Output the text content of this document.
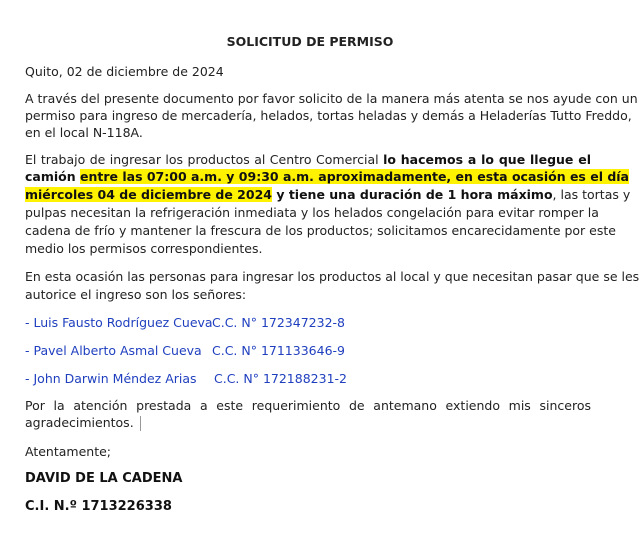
SOLICITUD DE PERMISO
Quito, 02 de diciembre de 2024
A través del presente documento por favor solicito de la manera más atenta se nos ayude con un
permiso para ingreso de mercadería, helados, tortas heladas y demás a Heladerías Tutto Freddo,
en el local N-118A.
El trabajo de ingresar los productos al Centro Comercial lo hacemos a lo que llegue el
camión entre las 07:00 a.m. y 09:30 a.m. aproximadamente, en esta ocasión es el día
miércoles 04 de diciembre de 2024 y tiene una duración de 1 hora máximo, las tortas y
pulpas necesitan la refrigeración inmediata y los helados congelación para evitar romper la
cadena de frío y mantener la frescura de los productos; solicitamos encarecidamente por este
medio los permisos correspondientes.
En esta ocasión las personas para ingresar los productos al local y que necesitan pasar que se les
autorice el ingreso son los señores:
- Luis Fausto Rodríguez Cueva C.C. N° 172347232-8
- Pavel Alberto Asmal Cueva C.C. N° 171133646-9
- John Darwin Méndez Arias C.C. N° 172188231-2
Por la atención prestada a este requerimiento de antemano extiendo mis sinceros
agradecimientos.
Atentamente;
DAVID DE LA CADENA
C.I. N.º 1713226338
